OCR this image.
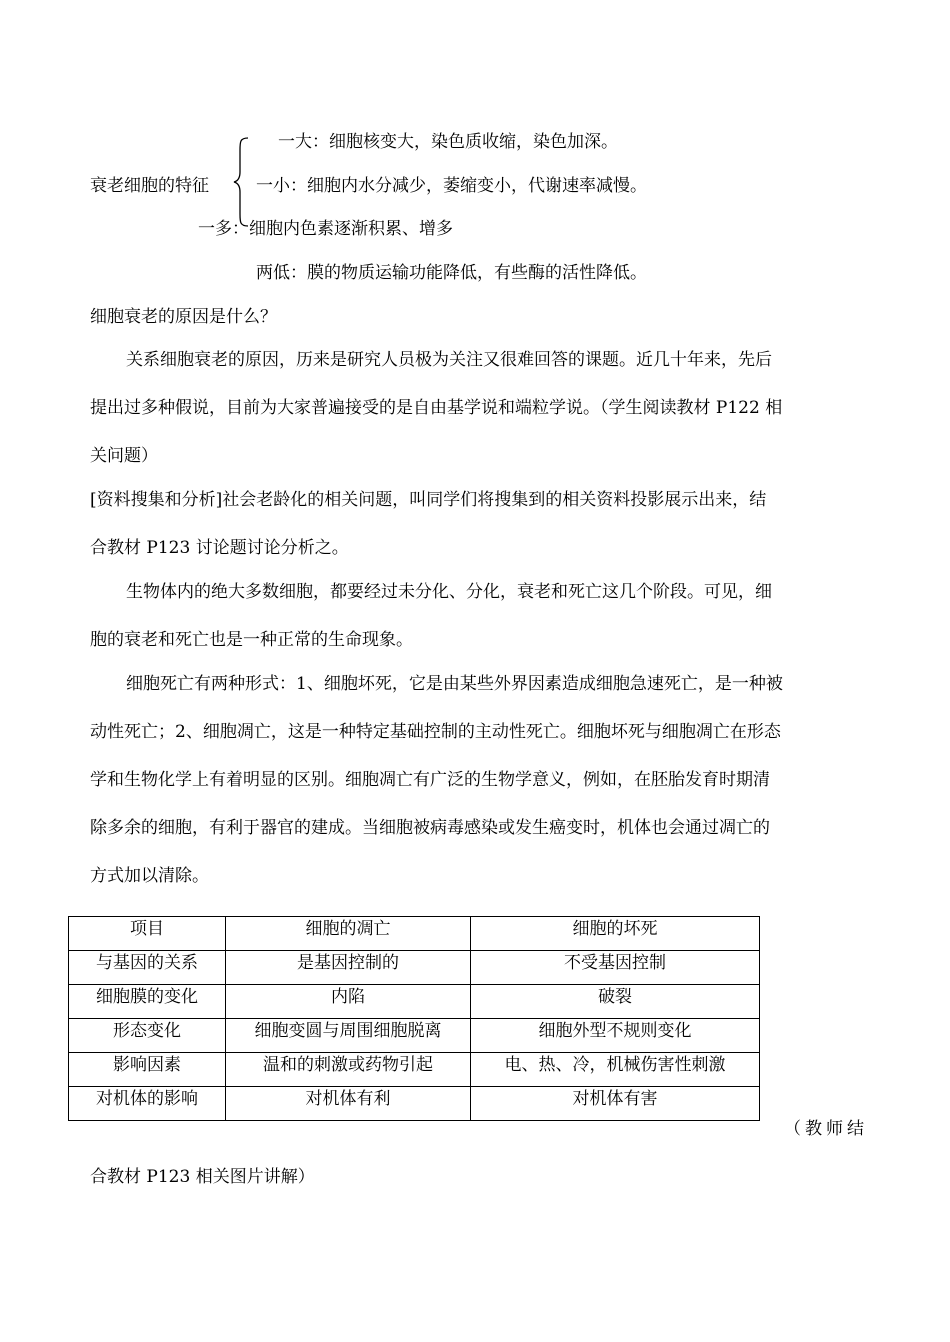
衰老细胞的特征
一大：细胞核变大，染色质收缩，染色加深。
一小：细胞内水分减少，萎缩变小，代谢速率减慢。
一多：细胞内色素逐渐积累、增多
两低：膜的物质运输功能降低，有些酶的活性降低。
细胞衰老的原因是什么？
关系细胞衰老的原因，历来是研究人员极为关注又很难回答的课题。近几十年来，先后
提出过多种假说，目前为大家普遍接受的是自由基学说和端粒学说。（学生阅读教材 P122 相
关问题）
[资料搜集和分析]社会老龄化的相关问题，叫同学们将搜集到的相关资料投影展示出来，结
合教材 P123 讨论题讨论分析之。
生物体内的绝大多数细胞，都要经过未分化、分化，衰老和死亡这几个阶段。可见，细
胞的衰老和死亡也是一种正常的生命现象。
细胞死亡有两种形式：1、细胞坏死，它是由某些外界因素造成细胞急速死亡，是一种被
动性死亡；2、细胞凋亡，这是一种特定基础控制的主动性死亡。细胞坏死与细胞凋亡在形态
学和生物化学上有着明显的区别。细胞凋亡有广泛的生物学意义，例如，在胚胎发育时期清
除多余的细胞，有利于器官的建成。当细胞被病毒感染或发生癌变时，机体也会通过凋亡的
方式加以清除。
项目	细胞的凋亡	细胞的坏死
与基因的关系	是基因控制的	不受基因控制
细胞膜的变化	内陷	破裂
形态变化	细胞变圆与周围细胞脱离	细胞外型不规则变化
影响因素	温和的刺激或药物引起	电、热、冷，机械伤害性刺激
对机体的影响	对机体有利	对机体有害
（教师结
合教材 P123 相关图片讲解）
